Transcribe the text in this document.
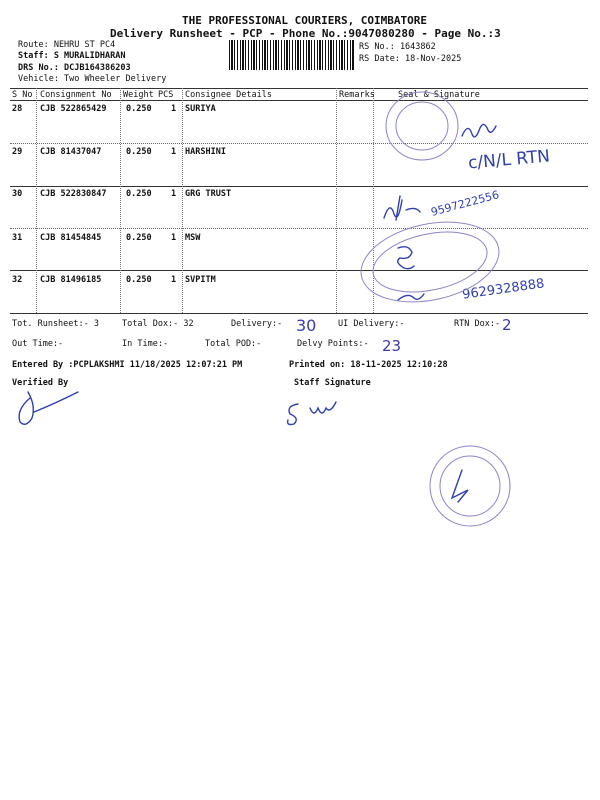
THE PROFESSIONAL COURIERS, COIMBATORE
Delivery Runsheet - PCP - Phone No.:9047080280 - Page No.:3
Route: NEHRU ST PC4
Staff: S MURALIDHARAN
DRS No.: DCJB164386203
Vehicle: Two Wheeler Delivery
RS No.: 1643862
RS Date: 18-Nov-2025
S No Consignment No Weight PCS Consignee Details	Remarks	Seal & Signature
28 CJB 522865429 0.250 1 SURIYA
29 CJB 81437047	0.250 1 HARSHINI
30 CJB 522830847 0.250 1 GRG TRUST
31 CJB 81454845	0.250 1 MSW
32 CJB 81496185	0.250 1 SVPITM
Tot. Runsheet:- 3	Total Dox:- 32	Delivery:-	UI Delivery:-	RTN Dox:-
Out Time:-	In Time:-	Total POD:-	Delvy Points:-
Entered By :PCPLAKSHMI 11/18/2025 12:07:21 PM	Printed on: 18-11-2025 12:10:28
Verified By	Staff Signature
30	2
23
c/N/L RTN
9597222556
9629328888
